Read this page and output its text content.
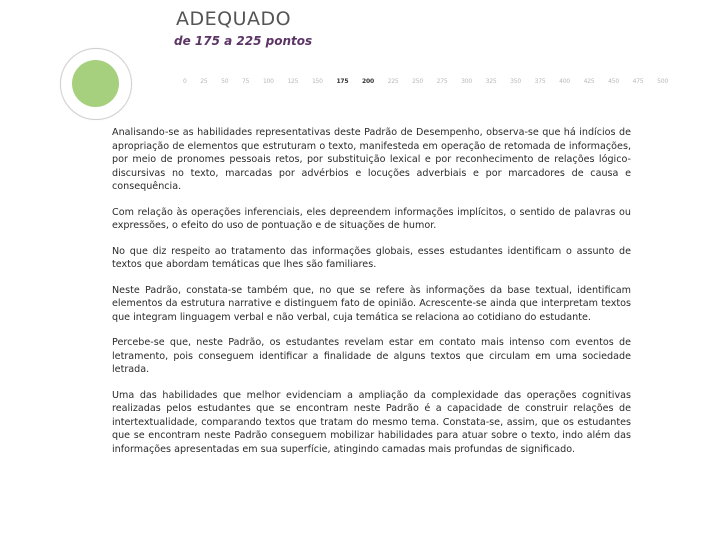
ADEQUADO
de 175 a 225 pontos
0 25 50 75 100 125 150 175 200 225 250 275 300 325 350 375 400 425 450 475 500

Analisando-se as habilidades representativas deste Padrão de Desempenho, observa-se que há indícios de apropriação de elementos que estruturam o texto, manifesteda em operação de retomada de informações, por meio de pronomes pessoais retos, por substituição lexical e por reconhecimento de relações lógico-discursivas no texto, marcadas por advérbios e locuções adverbiais e por marcadores de causa e consequência.

Com relação às operações inferenciais, eles depreendem informações implícitos, o sentido de palavras ou expressões, o efeito do uso de pontuação e de situações de humor.

No que diz respeito ao tratamento das informações globais, esses estudantes identificam o assunto de textos que abordam temáticas que lhes são familiares.

Neste Padrão, constata-se também que, no que se refere às informações da base textual, identificam elementos da estrutura narrative e distinguem fato de opinião. Acrescente-se ainda que interpretam textos que integram linguagem verbal e não verbal, cuja temática se relaciona ao cotidiano do estudante.

Percebe-se que, neste Padrão, os estudantes revelam estar em contato mais intenso com eventos de letramento, pois conseguem identificar a finalidade de alguns textos que circulam em uma sociedade letrada.

Uma das habilidades que melhor evidenciam a ampliação da complexidade das operações cognitivas realizadas pelos estudantes que se encontram neste Padrão é a capacidade de construir relações de intertextualidade, comparando textos que tratam do mesmo tema. Constata-se, assim, que os estudantes que se encontram neste Padrão conseguem mobilizar habilidades para atuar sobre o texto, indo além das informações apresentadas em sua superfície, atingindo camadas mais profundas de significado.
